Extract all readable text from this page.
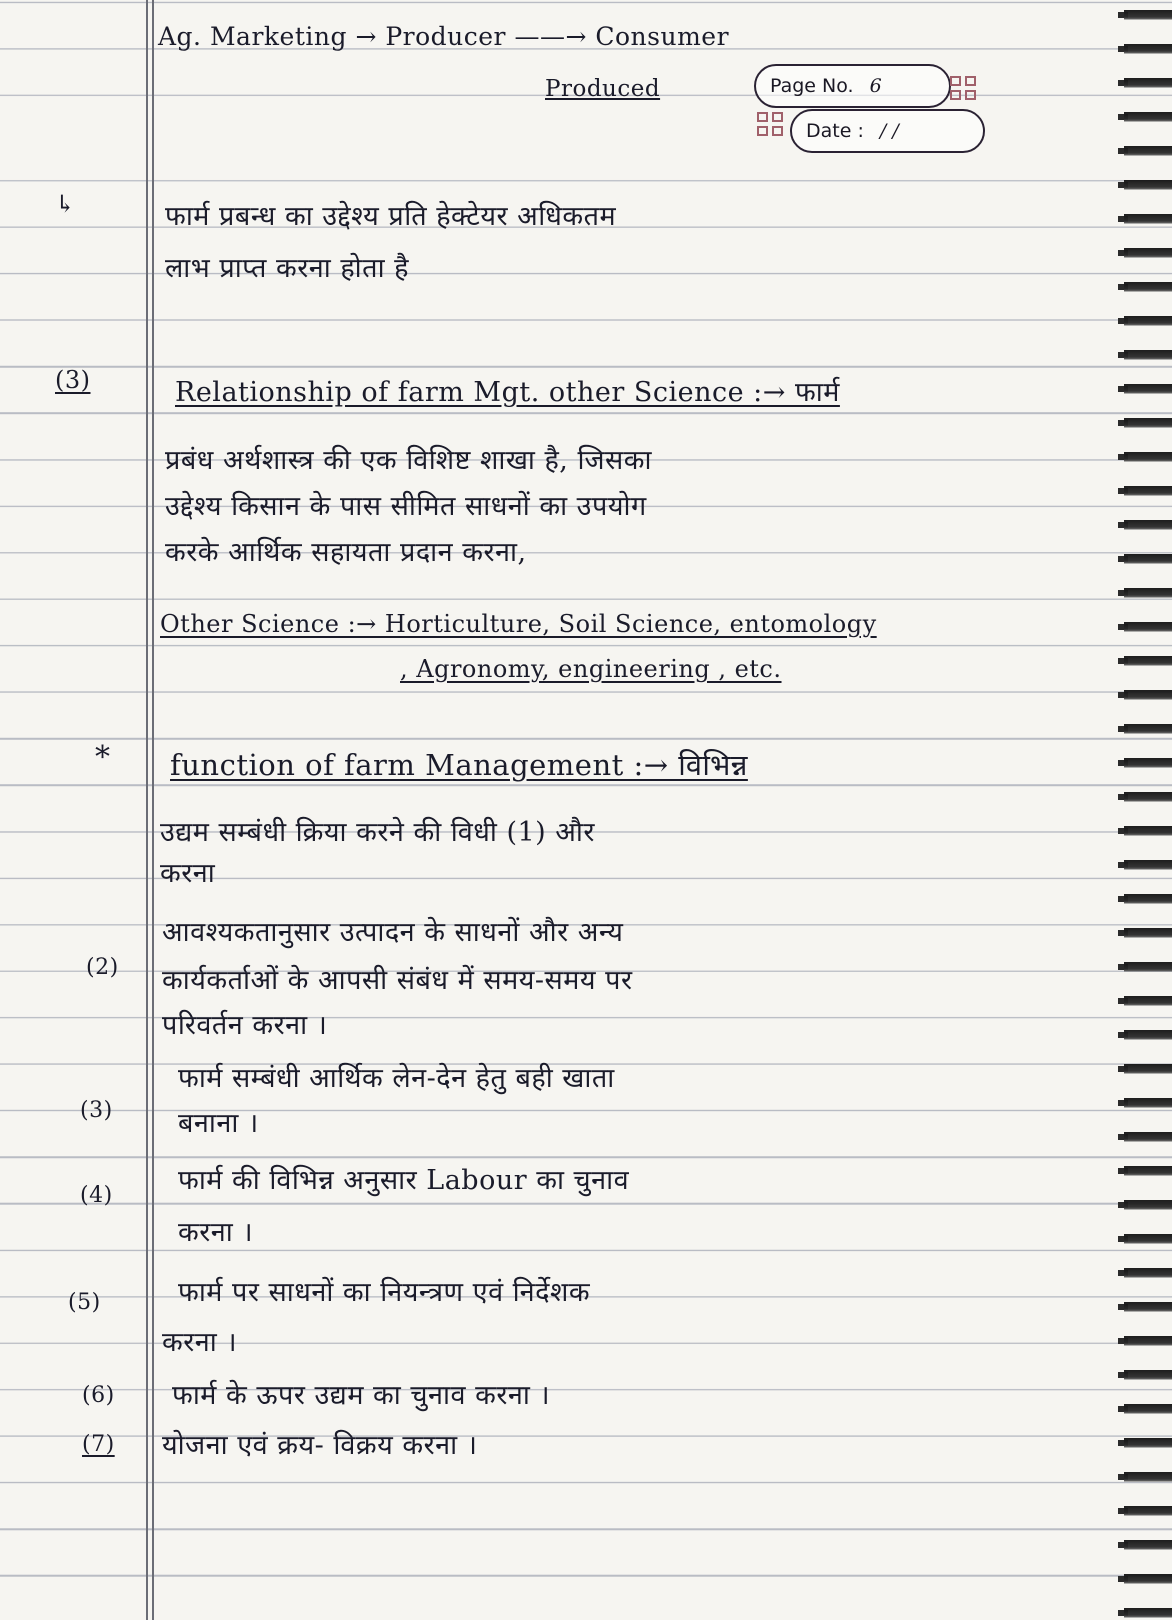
Ag. Marketing → Producer ——→ Consumer
Produced	Page No. 6
Date : / /
↳	फार्म प्रबन्ध का उद्देश्य प्रति हेक्टेयर अधिकतम
लाभ प्राप्त करना होता है
(3)	Relationship of farm Mgt. other Science :→ फार्म
प्रबंध अर्थशास्त्र की एक विशिष्ट शाखा है, जिसका
उद्देश्य किसान के पास सीमित साधनों का उपयोग
करके आर्थिक सहायता प्रदान करना,
Other Science :→ Horticulture, Soil Science, entomology
, Agronomy, engineering , etc.
* function of farm Management :→ विभिन्न
उद्यम सम्बंधी क्रिया करने की विधी (1) और
करना
(2)
आवश्यकतानुसार उत्पादन के साधनों और अन्य
कार्यकर्ताओं के आपसी संबंध में समय-समय पर
परिवर्तन करना ।
(3)
फार्म सम्बंधी आर्थिक लेन-देन हेतु बही खाता
बनाना ।
(4) फार्म की विभिन्न अनुसार Labour का चुनाव
करना ।
(5)	फार्म पर साधनों का नियन्त्रण एवं निर्देशक
करना ।
(6) फार्म के ऊपर उद्यम का चुनाव करना ।
(7) योजना एवं क्रय- विक्रय करना ।
